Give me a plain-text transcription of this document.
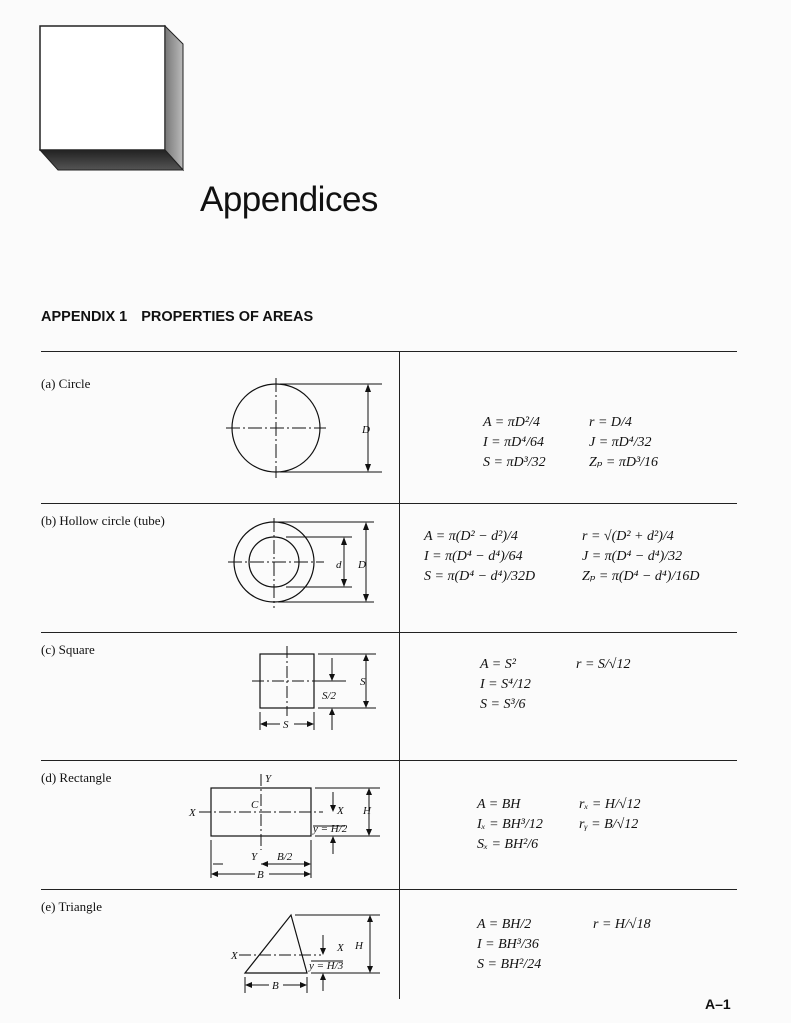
Appendices
APPENDIX 1 PROPERTIES OF AREAS
(a) Circle
D	A = πD²/4	r = D/4
I = πD⁴/64	J = πD⁴/32
S = πD³/32	Zₚ = πD³/16
(b) Hollow circle (tube)
d D
A = π(D² − d²)/4	r = √(D² + d²)/4
I = π(D⁴ − d⁴)/64	J = π(D⁴ − d⁴)/32
S = π(D⁴ − d⁴)/32D	Zₚ = π(D⁴ − d⁴)/16D
(c) Square
S
S/2
S
A = S²	r = S/√12
I = S⁴/12
S = S³/6
(d) Rectangle	Y
X
C	X H
y = H/2
Y B/2
B
A = BH	rₓ = H/√12
Iₓ = BH³/12	rᵧ = B/√12
Sₓ = BH²/6
(e) Triangle
X
X H
y = H/3
B
A = BH/2	r = H/√18
I = BH³/36
S = BH²/24
A–1
